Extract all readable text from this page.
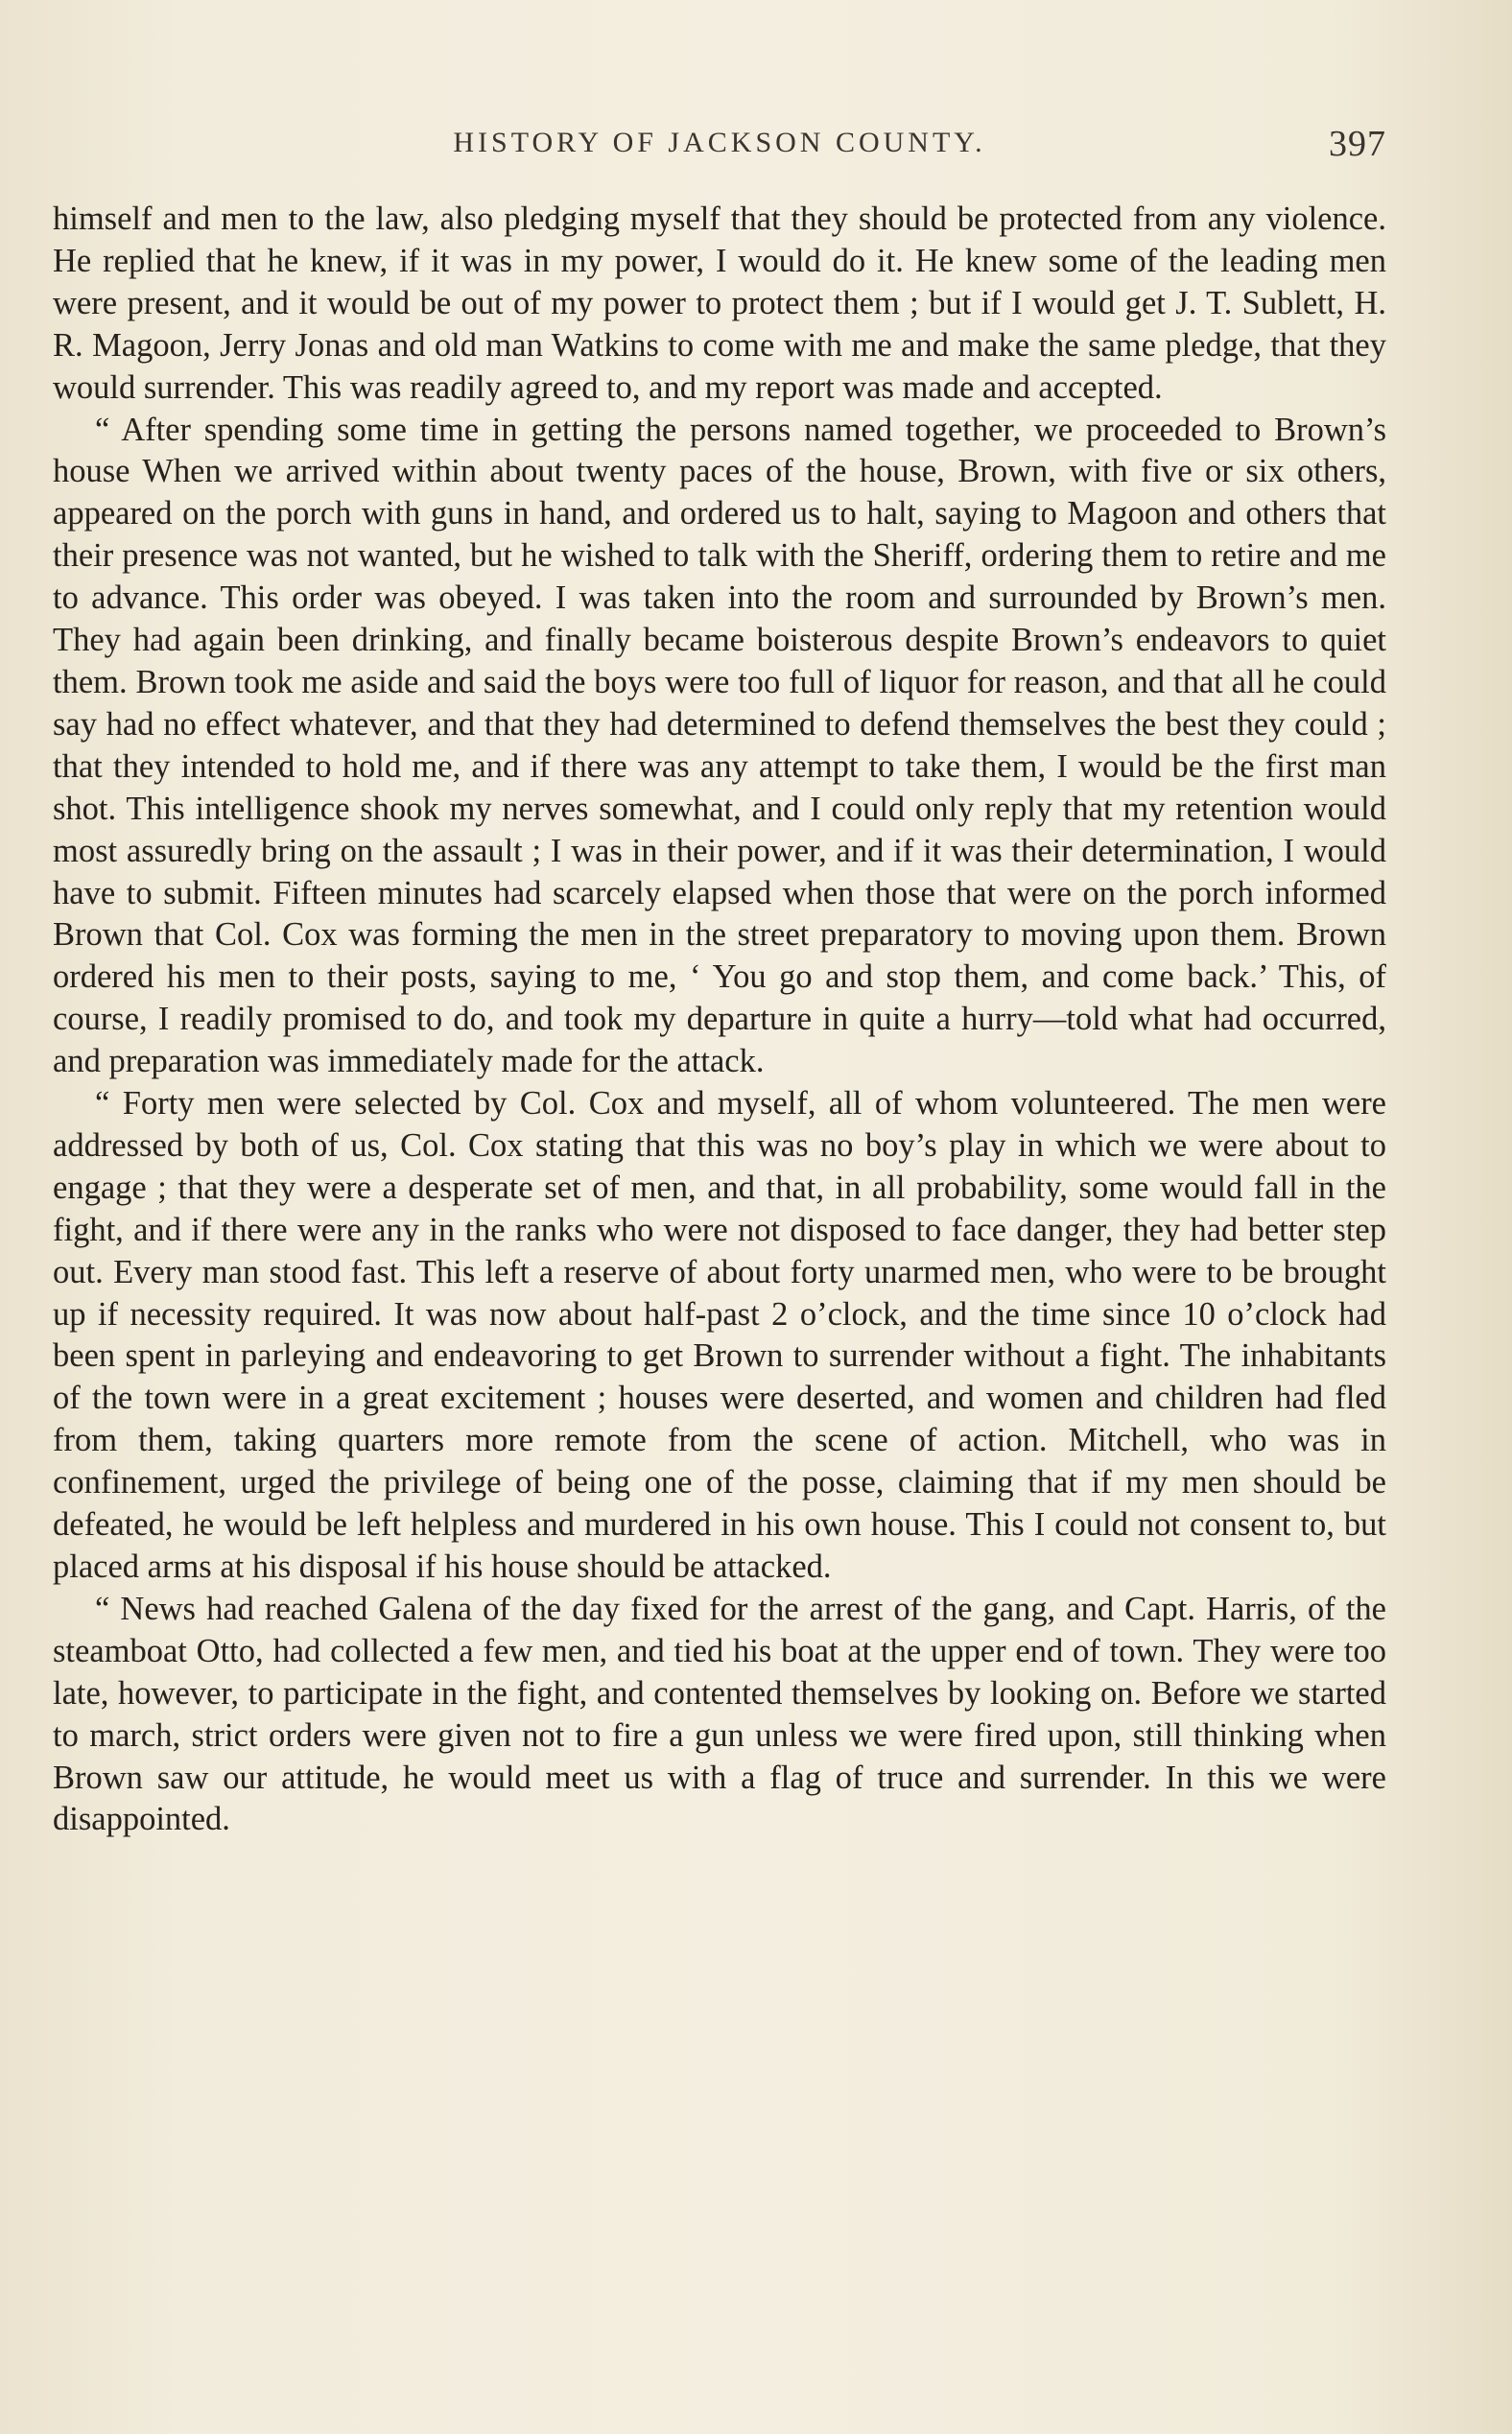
HISTORY OF JACKSON COUNTY.	397

himself and men to the law, also pledging myself that they should be protected from any violence. He replied that he knew, if it was in my power, I would do it. He knew some of the leading men were present, and it would be out of my power to protect them ; but if I would get J. T. Sublett, H. R. Magoon, Jerry Jonas and old man Watkins to come with me and make the same pledge, that they would surrender. This was readily agreed to, and my report was made and accepted.

“ After spending some time in getting the persons named together, we proceeded to Brown’s house When we arrived within about twenty paces of the house, Brown, with five or six others, appeared on the porch with guns in hand, and ordered us to halt, saying to Magoon and others that their presence was not wanted, but he wished to talk with the Sheriff, ordering them to retire and me to advance. This order was obeyed. I was taken into the room and surrounded by Brown’s men. They had again been drinking, and finally became boisterous despite Brown’s endeavors to quiet them. Brown took me aside and said the boys were too full of liquor for reason, and that all he could say had no effect whatever, and that they had determined to defend themselves the best they could ; that they intended to hold me, and if there was any attempt to take them, I would be the first man shot. This intelligence shook my nerves somewhat, and I could only reply that my retention would most assuredly bring on the assault ; I was in their power, and if it was their determination, I would have to submit. Fifteen minutes had scarcely elapsed when those that were on the porch informed Brown that Col. Cox was forming the men in the street preparatory to moving upon them. Brown ordered his men to their posts, saying to me, ‘ You go and stop them, and come back.’ This, of course, I readily promised to do, and took my departure in quite a hurry—told what had occurred, and preparation was immediately made for the attack.

“ Forty men were selected by Col. Cox and myself, all of whom volunteered. The men were addressed by both of us, Col. Cox stating that this was no boy’s play in which we were about to engage ; that they were a desperate set of men, and that, in all probability, some would fall in the fight, and if there were any in the ranks who were not disposed to face danger, they had better step out. Every man stood fast. This left a reserve of about forty unarmed men, who were to be brought up if necessity required. It was now about half-past 2 o’clock, and the time since 10 o’clock had been spent in parleying and endeavoring to get Brown to surrender without a fight. The inhabitants of the town were in a great excitement ; houses were deserted, and women and children had fled from them, taking quarters more remote from the scene of action. Mitchell, who was in confinement, urged the privilege of being one of the posse, claiming that if my men should be defeated, he would be left helpless and murdered in his own house. This I could not consent to, but placed arms at his disposal if his house should be attacked.

“ News had reached Galena of the day fixed for the arrest of the gang, and Capt. Harris, of the steamboat Otto, had collected a few men, and tied his boat at the upper end of town. They were too late, however, to participate in the fight, and contented themselves by looking on. Before we started to march, strict orders were given not to fire a gun unless we were fired upon, still thinking when Brown saw our attitude, he would meet us with a flag of truce and surrender. In this we were disappointed.
